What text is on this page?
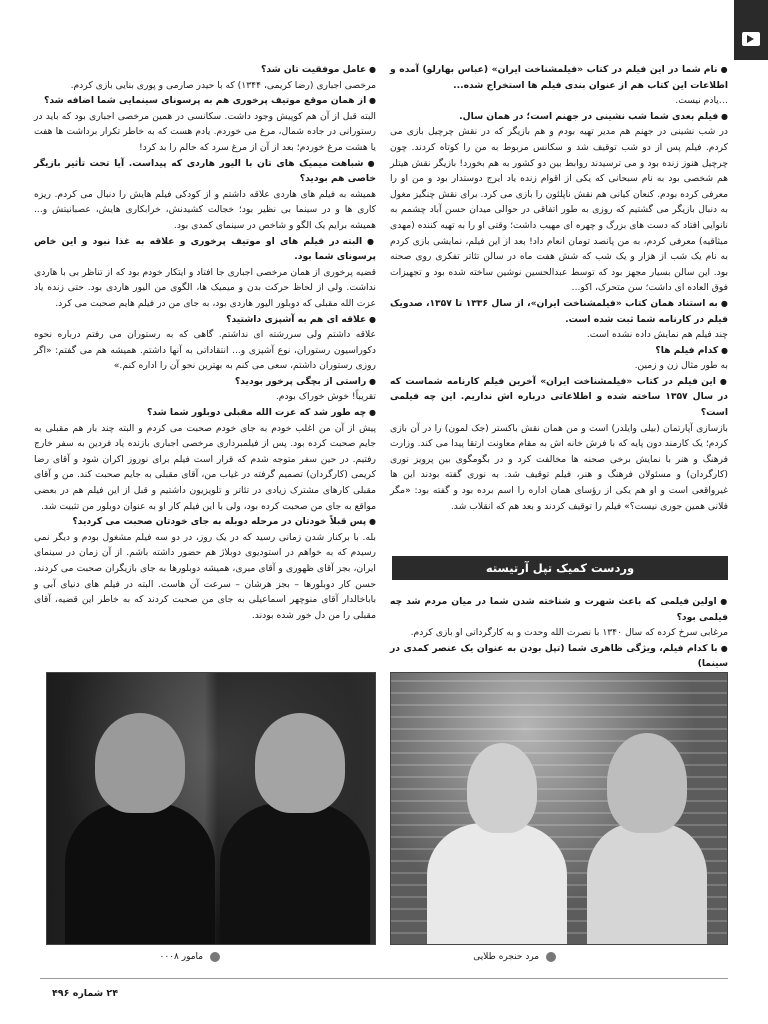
● نام شما در این فیلم در کتاب «فیلمشناخت ایران» (عباس بهارلو) آمده و اطلاعات این کتاب هم از عنوان بندی فیلم ها استخراج شده...

…یادم نیست.

● فیلم بعدی شما شب نشینی در جهنم است؛ در همان سال.

در شب نشینی در جهنم هم مدیر تهیه بودم و هم بازیگر که در نقش چرچیل بازی می کردم. فیلم پس از دو شب توقیف شد و سکانس مربوط به من را کوتاه کردند. چون چرچیل هنوز زنده بود و می ترسیدند روابط بین دو کشور به هم بخورد! بازیگر نقش هیتلر هم شخصی بود به نام سبحانی که یکی از اقوام زنده یاد ایرج دوستدار بود و من او را معرفی کرده بودم. کنعان کیانی هم نقش ناپلئون را بازی می کرد. برای نقش چنگیز مغول به دنبال بازیگر می گشتیم که روزی به طور اتفاقی در حوالی میدان حسن آباد چشمم به نانوایی افتاد که دست های بزرگ و چهره ای مهیب داشت؛ وقتی او را به تهیه کننده (مهدی میثاقیه) معرفی کردم، به من پانصد تومان انعام داد! بعد از این فیلم، نمایشی بازی کردم به نام یک شب از هزار و یک شب که شش هفت ماه در سالن تئاتر تفکری روی صحنه بود. این سالن بسیار مجهز بود که توسط عبدالحسین نوشین ساخته شده بود و تجهیزات فوق العاده ای داشت؛ سن متحرک، اکو...

● به استناد همان کتاب «فیلمشناخت ایران»، از سال ۱۳۳۶ تا ۱۳۵۷، صدویک فیلم در کارنامه شما ثبت شده است.

چند فیلم هم نمایش داده نشده است.

● کدام فیلم ها؟

به طور مثال زن و زمین.

● این فیلم در کتاب «فیلمشناخت ایران» آخرین فیلم کارنامه شماست که در سال ۱۳۵۷ ساخته شده و اطلاعاتی درباره اش نداریم. این چه فیلمی است؟

بازسازی آپارتمان (بیلی وایلدر) است و من همان نقش باکستر (جک لمون) را در آن بازی کردم؛ یک کارمند دون پایه که با فرش خانه اش به مقام معاونت ارتقا پیدا می کند. وزارت فرهنگ و هنر با نمایش برخی صحنه ها مخالفت کرد و در بگومگوی بین پرویز نوری (کارگردان) و مسئولان فرهنگ و هنر، فیلم توقیف شد. به نوری گفته بودند این ها غیرواقعی است و او هم یکی از رؤسای همان اداره را اسم برده بود و گفته بود: «مگر فلانی همین جوری نیست؟» فیلم را توقیف کردند و بعد هم که انقلاب شد.

وردست کمیک تپل آرتیسته

● اولین فیلمی که باعث شهرت و شناخته شدن شما در میان مردم شد چه فیلمی بود؟

مرغابی سرخ کرده که سال ۱۳۴۰ با نصرت الله وحدت و به کارگردانی او بازی کردم.

● با کدام فیلم، ویژگی ظاهری شما (تپل بودن به عنوان یک عنصر کمدی در سینما)

● عامل موفقیت تان شد؟

مرخصی اجباری (رضا کریمی، ۱۳۴۴) که با حیدر صارمی و پوری بنایی بازی کردم.

● از همان موقع موتیف پرخوری هم به پرسونای سینمایی شما اضافه شد؟

البته قبل از آن هم کوپیش وجود داشت. سکانسی در همین مرخصی اجباری بود که باید در رستورانی در جاده شمال، مرغ می خوردم. یادم هست که به خاطر تکرار برداشت ها هفت یا هشت مرغ خوردم؛ بعد از آن از مرغ سرد که حالم را بد کرد!

● شباهت میمیک های تان با الیور هاردی که پیداست. آیا تحت تأثیر بازیگر خاصی هم بودید؟

همیشه به فیلم های هاردی علاقه داشتم و از کودکی فیلم هایش را دنبال می کردم. ریزه کاری ها و در سینما بی نظیر بود؛ خجالت کشیدنش، خرابکاری هایش، عصبانیتش و... همیشه برایم یک الگو و شاخص در سینمای کمدی بود.

● البته در فیلم های او موتیف پرخوری و علاقه به غذا نبود و این خاص پرسونای شما بود.

قضیه پرخوری از همان مرخصی اجباری جا افتاد و ایتکار خودم بود که از تناظر بی با هاردی نداشت. ولی از لحاظ حرکت بدن و میمیک ها، الگوی من الیور هاردی بود. حتی زنده یاد عزت الله مقبلی که دوبلور الیور هاردی بود، به جای من در فیلم هایم صحبت می کرد.

● علاقه ای هم به آشپزی داشتید؟

علاقه داشتم ولی سررشته ای نداشتم. گاهی که به رستوران می رفتم درباره نحوه دکوراسیون رستوران، نوع آشپزی و... انتقاداتی به آنها داشتم. همیشه هم می گفتم: «اگر روزی رستوران داشتم، سعی می کنم به بهترین نحو آن را اداره کنم.»

● راستی از بچگی پرخور بودید؟

تقریباً! خوش خوراک بودم.

● چه طور شد که عزت الله مقبلی دوبلور شما شد؟

پیش از آن من اغلب خودم به جای خودم صحبت می کردم و البته چند بار هم مقبلی به جایم صحبت کرده بود. پس از فیلمبرداری مرخصی اجباری بازنده یاد فردین به سفر خارج رفتیم. در حین سفر متوجه شدم که قرار است فیلم برای نوروز اکران شود و آقای رضا کریمی (کارگردان) تصمیم گرفته در غیاب من، آقای مقبلی به جایم صحبت کند. من و آقای مقبلی کارهای مشترک زیادی در تئاتر و تلویزیون داشتیم و قبل از این فیلم هم در بعضی مواقع به جای من صحبت کرده بود، ولی با این فیلم کار او به عنوان دوبلور من تثبیت شد.

● پس قبلاً خودتان در مرحله دوبله به جای خودتان صحبت می کردید؟

بله. با برکنار شدن زمانی رسید که در یک روز، در دو سه فیلم مشغول بودم و دیگر نمی رسیدم که به خواهم در استودیوی دوبلاژ هم حضور داشته باشم. از آن زمان در سینمای ایران، بجز آقای ظهوری و آقای میری، همیشه دوبلورها به جای بازیگران صحبت می کردند. حسن کار دوبلورها – بجز هرشان – سرعت آن هاست. البته در فیلم های دنیای آبی و باباخالدار آقای منوچهر اسماعیلی به جای من صحبت کردند که به خاطر این قضیه، آقای مقبلی را من دل خور شده بودند.

مرد حنجره طلایی
مامور ۰۰۰۸
۲۴ شماره ۴۹۶
